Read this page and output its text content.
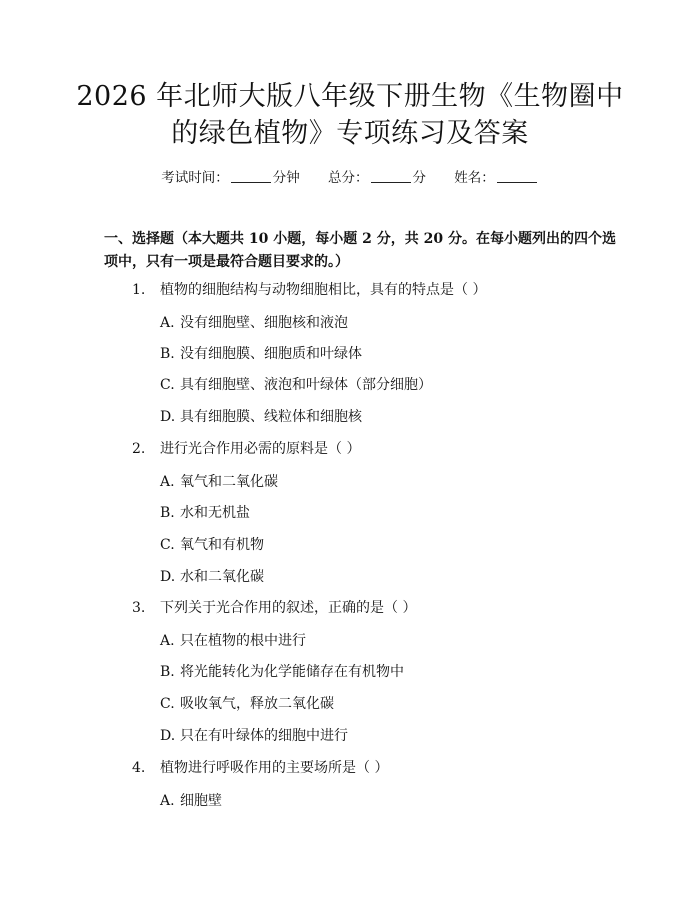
2026 年北师大版八年级下册生物《生物圈中
的绿色植物》专项练习及答案
考试时间：	分钟 总分：	分 姓名：
一、选择题（本大题共 10 小题，每小题 2 分，共 20 分。在每小题列出的四个选项中，只有一项是最符合题目要求的。）
1. 植物的细胞结构与动物细胞相比，具有的特点是（ ）
A. 没有细胞壁、细胞核和液泡
B. 没有细胞膜、细胞质和叶绿体
C. 具有细胞壁、液泡和叶绿体（部分细胞）
D. 具有细胞膜、线粒体和细胞核
2. 进行光合作用必需的原料是（ ）
A. 氧气和二氧化碳
B. 水和无机盐
C. 氧气和有机物
D. 水和二氧化碳
3. 下列关于光合作用的叙述，正确的是（ ）
A. 只在植物的根中进行
B. 将光能转化为化学能储存在有机物中
C. 吸收氧气，释放二氧化碳
D. 只在有叶绿体的细胞中进行
4. 植物进行呼吸作用的主要场所是（ ）
A. 细胞壁
